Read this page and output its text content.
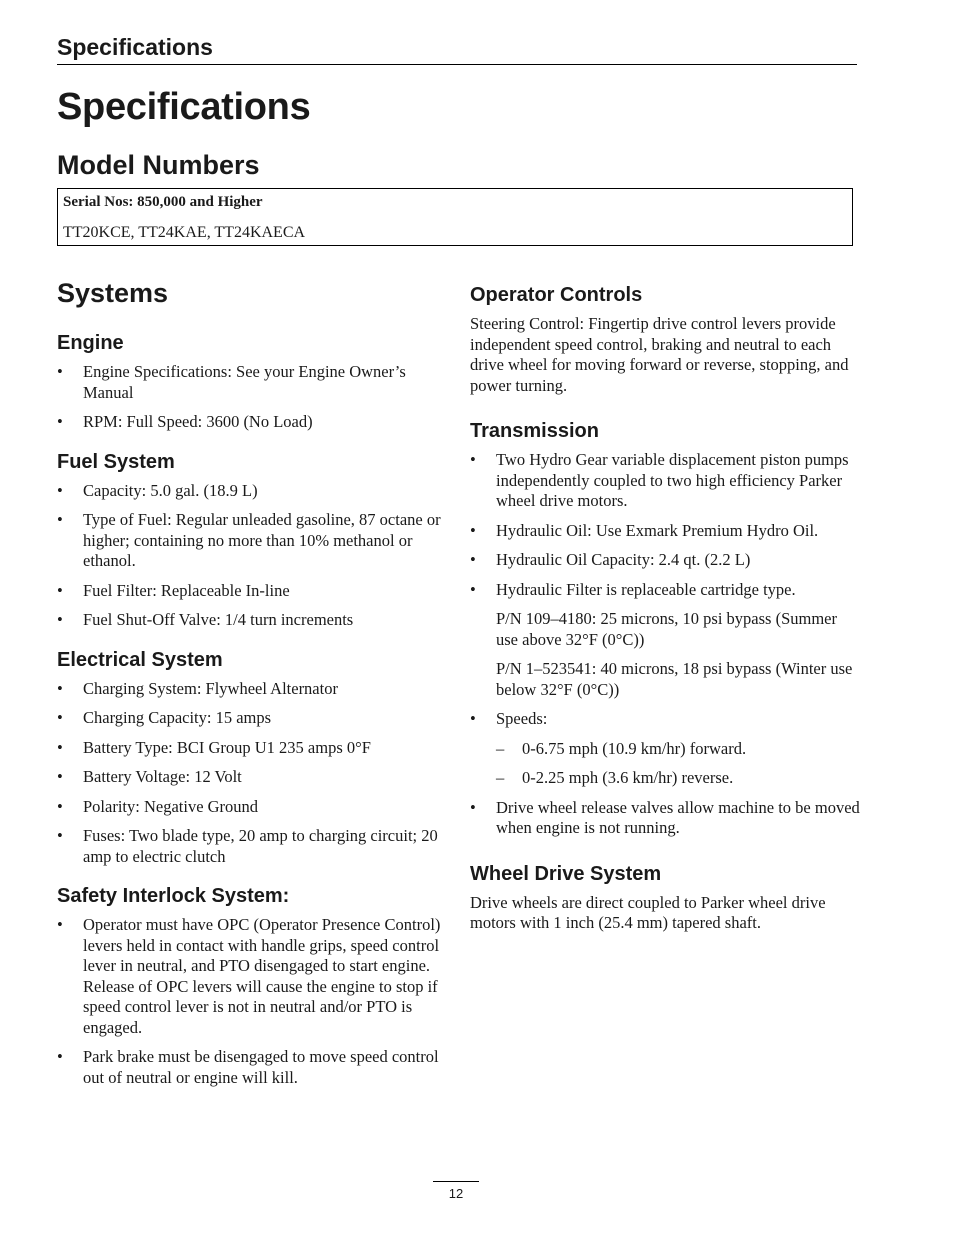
Specifications
Specifications
Model Numbers
Serial Nos: 850,000 and Higher
TT20KCE, TT24KAE, TT24KAECA
Systems
Engine
• Engine Specifications: See your Engine Owner’s Manual
• RPM: Full Speed: 3600 (No Load)
Fuel System
• Capacity: 5.0 gal. (18.9 L)
• Type of Fuel: Regular unleaded gasoline, 87 octane or higher; containing no more than 10% methanol or ethanol.
• Fuel Filter: Replaceable In-line
• Fuel Shut-Off Valve: 1/4 turn increments
Electrical System
• Charging System: Flywheel Alternator
• Charging Capacity: 15 amps
• Battery Type: BCI Group U1 235 amps 0°F
• Battery Voltage: 12 Volt
• Polarity: Negative Ground
• Fuses: Two blade type, 20 amp to charging circuit; 20 amp to electric clutch
Safety Interlock System:
• Operator must have OPC (Operator Presence Control) levers held in contact with handle grips, speed control lever in neutral, and PTO disengaged to start engine. Release of OPC levers will cause the engine to stop if speed control lever is not in neutral and/or PTO is engaged.
• Park brake must be disengaged to move speed control out of neutral or engine will kill.
Operator Controls

Steering Control: Fingertip drive control levers provide independent speed control, braking and neutral to each drive wheel for moving forward or reverse, stopping, and power turning.

Transmission
• Two Hydro Gear variable displacement piston pumps independently coupled to two high efficiency Parker wheel drive motors.
• Hydraulic Oil: Use Exmark Premium Hydro Oil.
• Hydraulic Oil Capacity: 2.4 qt. (2.2 L)
• Hydraulic Filter is replaceable cartridge type.

P/N 109–4180: 25 microns, 10 psi bypass (Summer use above 32°F (0°C))

P/N 1–523541: 40 microns, 18 psi bypass (Winter use below 32°F (0°C))

• Speeds:
– 0-6.75 mph (10.9 km/hr) forward.
– 0-2.25 mph (3.6 km/hr) reverse.
• Drive wheel release valves allow machine to be moved when engine is not running.
Wheel Drive System

Drive wheels are direct coupled to Parker wheel drive motors with 1 inch (25.4 mm) tapered shaft.

12
